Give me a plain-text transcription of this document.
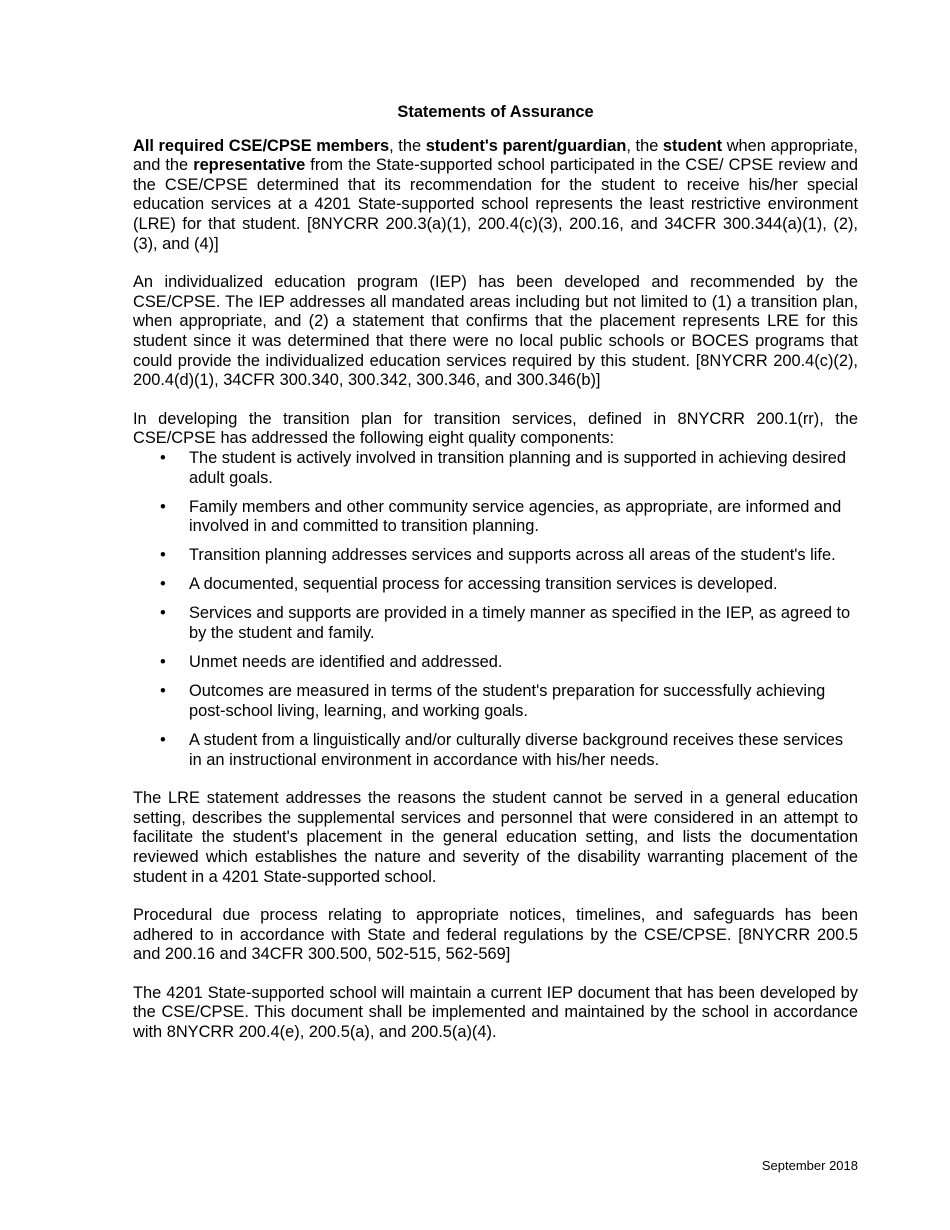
Statements of Assurance

All required CSE/CPSE members, the student's parent/guardian, the student when appropriate, and the representative from the State-supported school participated in the CSE/ CPSE review and the CSE/CPSE determined that its recommendation for the student to receive his/her special education services at a 4201 State-supported school represents the least restrictive environment (LRE) for that student. [8NYCRR 200.3(a)(1), 200.4(c)(3), 200.16, and 34CFR 300.344(a)(1), (2), (3), and (4)]

An individualized education program (IEP) has been developed and recommended by the CSE/CPSE. The IEP addresses all mandated areas including but not limited to (1) a transition plan, when appropriate, and (2) a statement that confirms that the placement represents LRE for this student since it was determined that there were no local public schools or BOCES programs that could provide the individualized education services required by this student. [8NYCRR 200.4(c)(2), 200.4(d)(1), 34CFR 300.340, 300.342, 300.346, and 300.346(b)]

In developing the transition plan for transition services, defined in 8NYCRR 200.1(rr), the CSE/CPSE has addressed the following eight quality components:

• The student is actively involved in transition planning and is supported in achieving desired adult goals.
• Family members and other community service agencies, as appropriate, are informed and involved in and committed to transition planning.
• Transition planning addresses services and supports across all areas of the student's life.
• A documented, sequential process for accessing transition services is developed.
• Services and supports are provided in a timely manner as specified in the IEP, as agreed to by the student and family.
• Unmet needs are identified and addressed.
• Outcomes are measured in terms of the student's preparation for successfully achieving post-school living, learning, and working goals.
• A student from a linguistically and/or culturally diverse background receives these services in an instructional environment in accordance with his/her needs.

The LRE statement addresses the reasons the student cannot be served in a general education setting, describes the supplemental services and personnel that were considered in an attempt to facilitate the student's placement in the general education setting, and lists the documentation reviewed which establishes the nature and severity of the disability warranting placement of the student in a 4201 State-supported school.

Procedural due process relating to appropriate notices, timelines, and safeguards has been adhered to in accordance with State and federal regulations by the CSE/CPSE. [8NYCRR 200.5 and 200.16 and 34CFR 300.500, 502-515, 562-569]

The 4201 State-supported school will maintain a current IEP document that has been developed by the CSE/CPSE. This document shall be implemented and maintained by the school in accordance with 8NYCRR 200.4(e), 200.5(a), and 200.5(a)(4).

September 2018
